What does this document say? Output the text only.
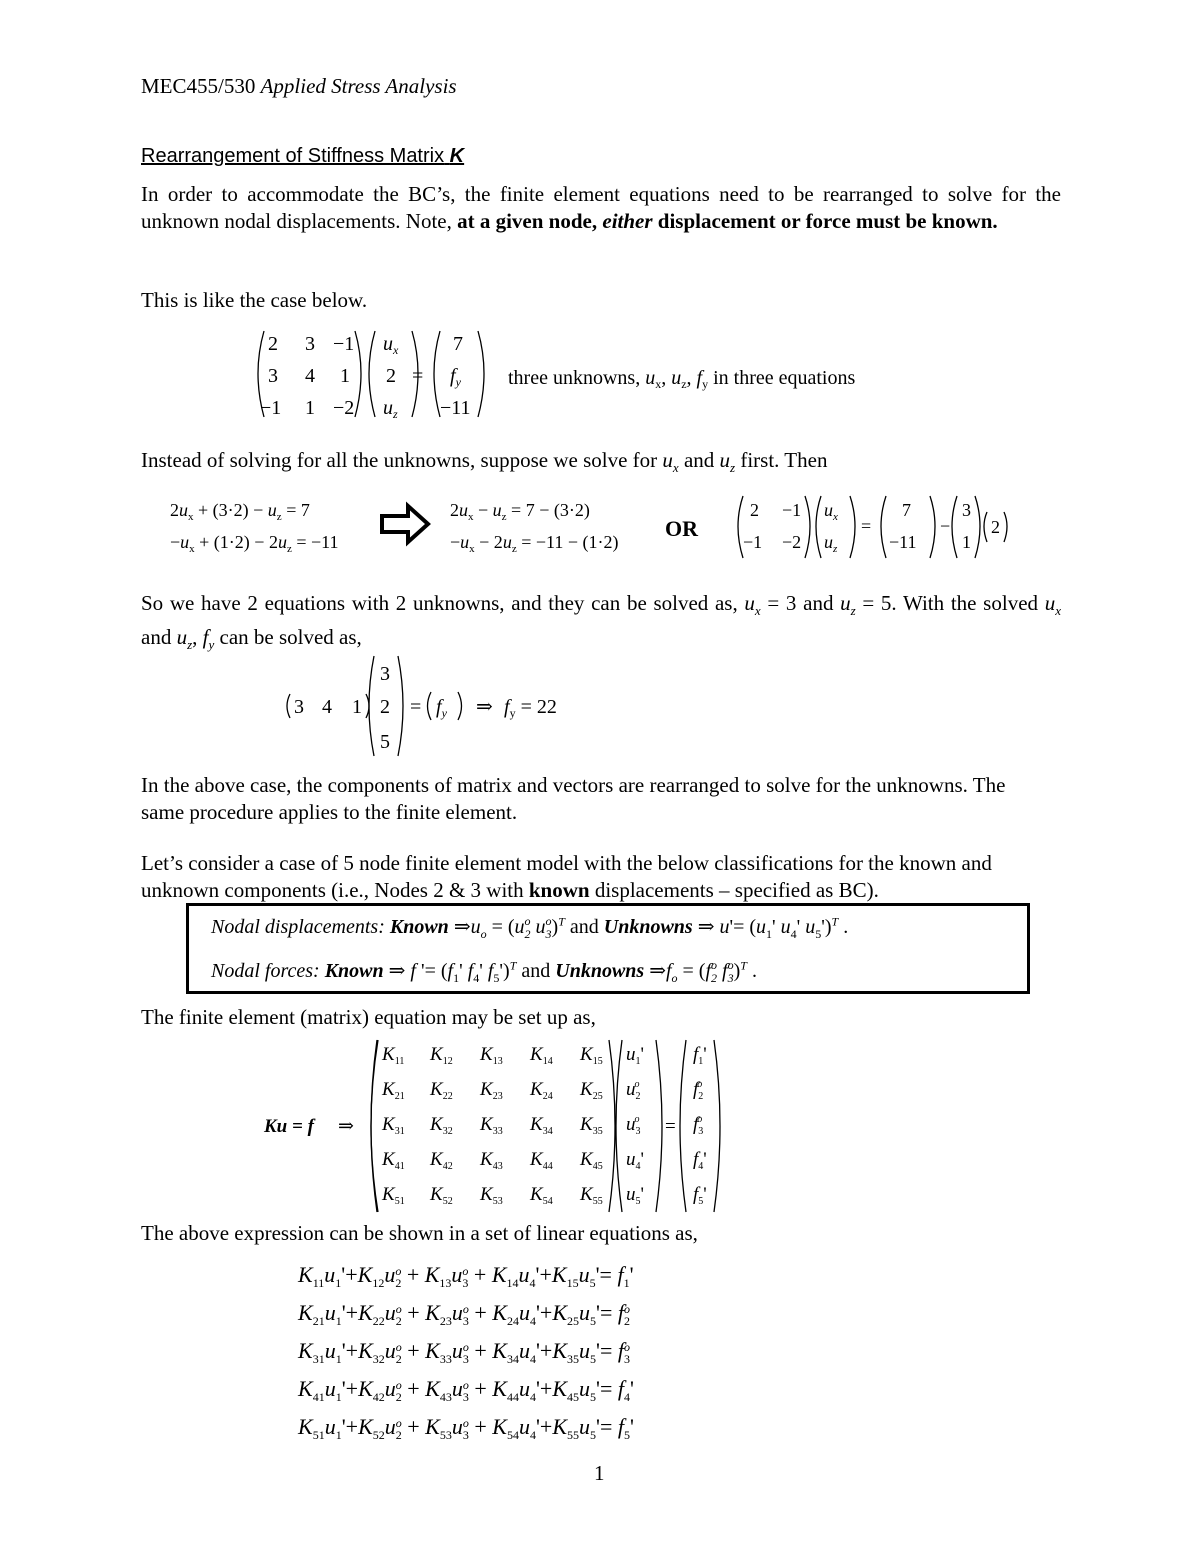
MEC455/530 Applied Stress Analysis
Rearrangement of Stiffness Matrix K
In order to accommodate the BC’s, the finite element equations need to be rearranged to solve for the unknown nodal displacements. Note, at a given node, either displacement or force must be known.
This is like the case below.
2 3 −1
3 4 1
−1 1 −2
$u_x$
2
$u_z$
=
7
$f_y$
−11
three unknowns, $u_x$, $u_z$, $f_y$ in three equations
Instead of solving for all the unknowns, suppose we solve for $u_x$ and $u_z$ first. Then
$2u_x + (3\cdot 2) - u_z = 7$
$-u_x + (1\cdot 2) - 2u_z = -11$
$2u_x - u_z = 7 - (3\cdot 2)$
$-u_x - 2u_z = -11 - (1\cdot 2)$
OR
2 −1
−1 −2
$u_x$
$u_z$
=
7
−11
−
3
1
2
So we have 2 equations with 2 unknowns, and they can be solved as, $u_x = 3$ and $u_z = 5$. With the solved $u_x$ and $u_z$, $f_y$ can be solved as,
3 4 1
3
2
5
= $f_y$ ⇒ $f_y = 22$
In the above case, the components of matrix and vectors are rearranged to solve for the unknowns. The same procedure applies to the finite element.
Let’s consider a case of 5 node finite element model with the below classifications for the known and unknown components (i.e., Nodes 2 & 3 with known displacements – specified as BC).
Nodal displacements: Known $\Rightarrow u_o = (u_2^o$ $u_3^o)^T$ and Unknowns ⇒ $u'= (u_1'$ $u_4'$ $u_5')^T$ .
Nodal forces: Known ⇒ f '= ($f_1'$ $f_4'$ $f_5')^T$ and Unknowns $\Rightarrow f_o = (f_2^o$ $f_3^o)^T$ .
The finite element (matrix) equation may be set up as,
Ku = f ⇒
$K_{11}$ $K_{12}$ $K_{13}$ $K_{14}$ $K_{15}$
$K_{21}$ $K_{22}$ $K_{23}$ $K_{24}$ $K_{25}$
$K_{31}$ $K_{32}$ $K_{33}$ $K_{34}$ $K_{35}$
$K_{41}$ $K_{42}$ $K_{43}$ $K_{44}$ $K_{45}$
$K_{51}$ $K_{52}$ $K_{53}$ $K_{54}$ $K_{55}$
$u_1'$
$u_2o$
$u_3o$
$u_4'$
$u_5'$
$f_1'$
$f_2o$
$f_3o$
$f_4'$
$f_5'$
=
The above expression can be shown in a set of linear equations as,
$K_{11}u_1'+K_{12}u_2o + K_{13}u_3o + K_{14}u_4'+K_{15}u_5'= f_1'$
$K_{21}u_1'+K_{22}u_2o + K_{23}u_3o + K_{24}u_4'+K_{25}u_5'= f_2o$
$K_{31}u_1'+K_{32}u_2o + K_{33}u_3o + K_{34}u_4'+K_{35}u_5'= f_3o$
$K_{41}u_1'+K_{42}u_2o + K_{43}u_3o + K_{44}u_4'+K_{45}u_5'= f_4'$
$K_{51}u_1'+K_{52}u_2o + K_{53}u_3o + K_{54}u_4'+K_{55}u_5'= f_5'$
1
